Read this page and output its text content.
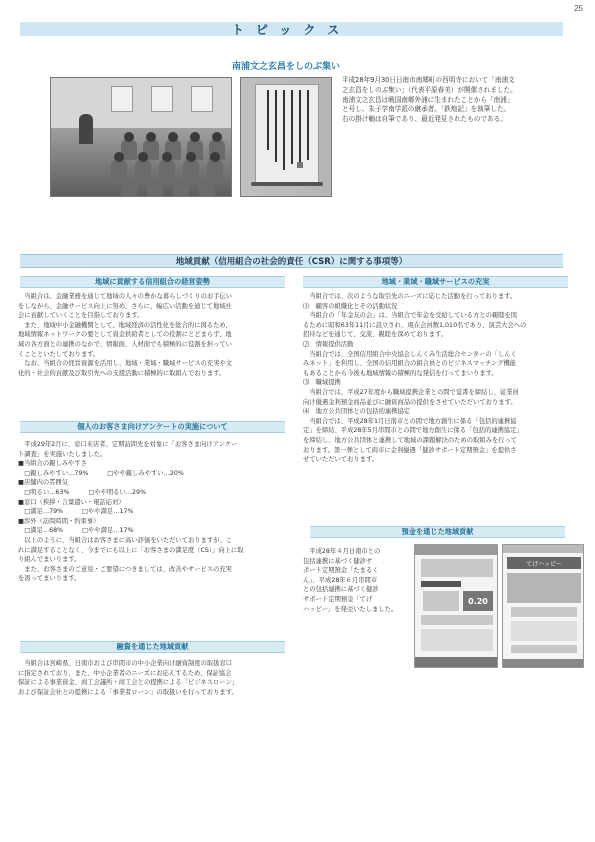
25
トピックス
南浦文之玄昌をしのぶ集い
平成28年9月30日日南市南郷町の西明寺において「南浦文
之玄昌をしのぶ集い」（代表平原春美）が開催されました。
南浦文之玄昌は戦国南郷外浦に生まれたことから「南浦」
と号し、朱子学南学派の継承者。「鉄炮記」を執筆した。
右の掛け軸は自筆であり、最近発見されたものである。
地域貢献（信用組合の社会的責任（CSR）に関する事項等）
地域に貢献する信用組合の経営姿勢

当組合は、金融業務を通じて地域の人々の豊かな暮らしづくりのお手伝い

をしながら、金融サービス向上に努め、さらに、幅広い活動を通じて地域社

会に貢献していくことを目指しております。

また、地域中小金融機関として、地域経済の活性化を総合的に図るため、

地域情報ネットワークの要として資金供給者としての役割にとどまらず、地

域の各方面との連携のなかで、情報面、人材面でも積極的に役割を担ってい

くことといたしております。

なお、当組合の経営資源を活用し、地域・業域・職域サービスの充実や文

化的・社会的貢献及び取引先への支援活動に積極的に取組んでおります。

個人のお客さま向けアンケートの実施について

平成29年2月に、窓口来店者、定期訪問先を対象に「お客さま向けアンケー

ト調査」を実施いたしました。

■当組合の親しみやすさ

□親しみやすい…79%　　　□やや親しみやすい…20%

■店舗内の雰囲気

□明るい…63%　　　□やや明るい…29%

■窓口（挨拶・言葉遣い・電話応対）

□満足…79%　　　□やや満足…17%

■渉外（訪問時間・約束事）

□満足…68%　　　□やや満足…17%

以上のように、当組合はお客さまに高い評価をいただいておりますが、こ

れに満足することなく、今までにも以上に「お客さまの満足度（CS）」向上に取

り組んでまいります。

また、お客さまのご意見・ご要望につきましては、改善やサービスの充実

を図ってまいります。

融資を通じた地域貢献

当組合は宮崎県、日南市および串間市の中小企業向け融資制度の取扱窓口

に指定されており、また、中小企業者のニーズにお応えするため、保証協会

保証による事業資金、商工会議所・商工会との提携による「ビジネスローン」

および保証会社との提携による「事業者ローン」の取扱いを行っております。

地域・業域・職域サービスの充実

当組合では、次のような取引先のニーズに応じた活動を行っております。

⑴　顧客の組織化とその活動状況

当組合の「年金友の会」は、当組合で年金を受給している方との親睦を図

るために昭和63年11月に設立され、現在会員数1,010名であり、演芸大会への

招待などを通じて、交流、親睦を深めております。

⑵　情報提供活動

当組合では、全国信用組合中央協会しんくみ生活総合センターの「しんく

みネット」を利用し、全国の信用組合の組合員とのビジネスマッチング機能

もあることから今後も地域情報の積極的な発信を行ってまいります。

⑶　職域提携

当組合では、平成27年度から職域提携企業との間で覚書を締結し、従業員

向け優遇金利預金商品並びに融資商品の提供をさせていただいております。

⑷　地方公共団体との包括的連携協定

当組合では、平成28年1月日南市との間で地方創生に係る「包括的連携協

定」を締結、平成28年5月串間市との間で地方創生に係る「包括的連携協定」

を締結し、地方公共団体と連携して地域の課題解決のための取組みを行って

おります。第一弾として両市に金利優遇「健診サポート定期預金」を提供さ

せていただいております。

預金を通じた地域貢献

平成28年４月日南市との

包括連携に基づく健診サ

ポート定期預金「たまるく

ん」、平成28年６月串間市

との包括連携に基づく健診

サポート定期預金「てげ

ハッピー」を発売いたしました。

0.20
てげハッピー
